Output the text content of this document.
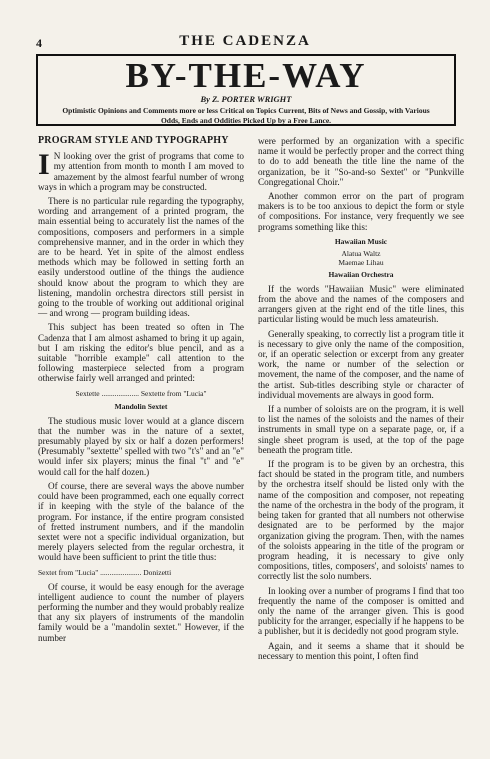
4	THE CADENZA
BY-THE-WAY
By Z. PORTER WRIGHT
Optimistic Opinions and Comments more or less Critical on Topics Current, Bits of News and Gossip, with Various Odds, Ends and Oddities Picked Up by a Free Lance.
PROGRAM STYLE AND TYPOGRAPHY

I N looking over the grist of programs that come to my attention from month to month I am moved to amazement by the almost fearful number of wrong ways in which a program may be constructed.

There is no particular rule regarding the typography, wording and arrangement of a printed program, the main essential being to accurately list the names of the compositions, composers and performers in a simple comprehensive manner, and in the order in which they are to be heard. Yet in spite of the almost endless methods which may be followed in setting forth an easily understood outline of the things the audience should know about the program to which they are listening, mandolin orchestra directors still persist in going to the trouble of working out additional original — and wrong — program building ideas.

This subject has been treated so often in The Cadenza that I am almost ashamed to bring it up again, but I am risking the editor's blue pencil, and as a suitable "horrible example" call attention to the following masterpiece selected from a program otherwise fairly well arranged and printed:

Sextette .................... Sextette from "Lucia"
Mandolin Sextet

The studious music lover would at a glance discern that the number was in the nature of a sextet, presumably played by six or half a dozen performers! (Presumably "sextette" spelled with two "t's" and an "e" would infer six players; minus the final "t" and "e" would call for the half dozen.)

Of course, there are several ways the above number could have been programmed, each one equally correct if in keeping with the style of the balance of the program. For instance, if the entire program consisted of fretted instrument numbers, and if the mandolin sextet were not a specific individual organization, but merely players selected from the regular orchestra, it would have been sufficient to print the title thus:

Sextet from "Lucia" ...................... Donizetti

Of course, it would be easy enough for the average intelligent audience to count the number of players performing the number and they would probably realize that any six players of instruments of the mandolin family would be a "mandolin sextet." However, if the number

were performed by an organization with a specific name it would be perfectly proper and the correct thing to do to add beneath the title line the name of the organization, be it "So-and-so Sextet" or "Punkville Congregational Choir."

Another common error on the part of program makers is to be too anxious to depict the form or style of compositions. For instance, very frequently we see programs something like this:

Hawaiian Music
Alatua Waltz
Maemae Lihau
Hawaiian Orchestra

If the words "Hawaiian Music" were eliminated from the above and the names of the composers and arrangers given at the right end of the title lines, this particular listing would be much less amateurish.

Generally speaking, to correctly list a program title it is necessary to give only the name of the composition, or, if an operatic selection or excerpt from any greater work, the name or number of the selection or movement, the name of the composer, and the name of the artist. Sub-titles describing style or character of individual movements are always in good form.

If a number of soloists are on the program, it is well to list the names of the soloists and the names of their instruments in small type on a separate page, or, if a single sheet program is used, at the top of the page beneath the program title.

If the program is to be given by an orchestra, this fact should be stated in the program title, and numbers by the orchestra itself should be listed only with the name of the composition and composer, not repeating the name of the orchestra in the body of the program, it being taken for granted that all numbers not otherwise designated are to be performed by the major organization giving the program. Then, with the names of the soloists appearing in the title of the program or program heading, it is necessary to give only compositions, titles, composers', and soloists' names to correctly list the solo numbers.

In looking over a number of programs I find that too frequently the name of the composer is omitted and only the name of the arranger given. This is good publicity for the arranger, especially if he happens to be a publisher, but it is decidedly not good program style.

Again, and it seems a shame that it should be necessary to mention this point, I often find
